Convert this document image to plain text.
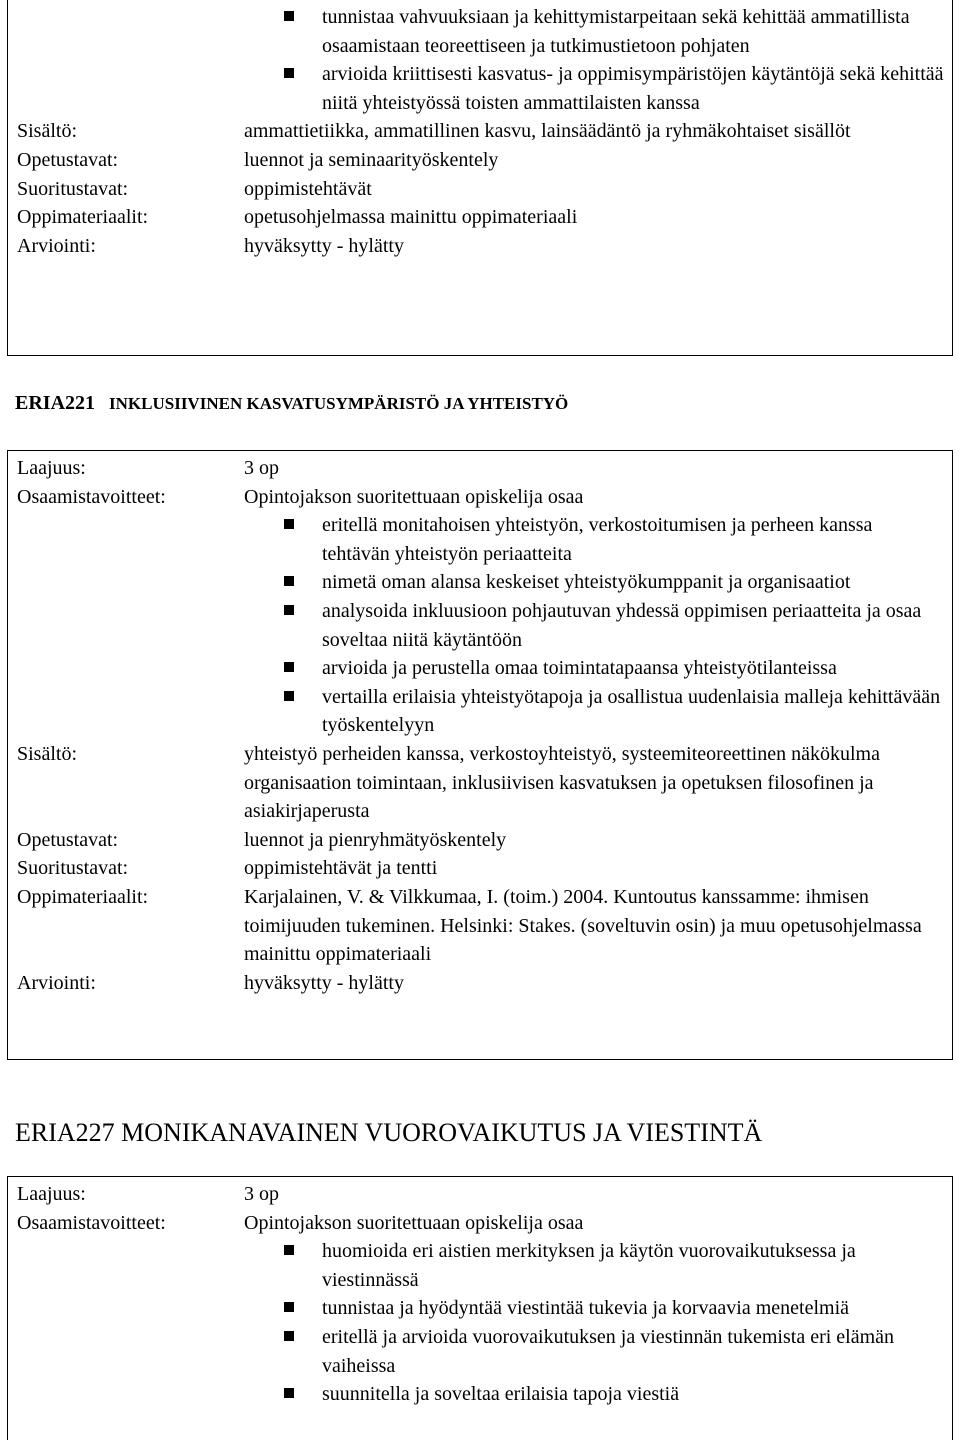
tunnistaa vahvuuksiaan ja kehittymistarpeitaan sekä kehittää ammatillista osaamistaan teoreettiseen ja tutkimustietoon pohjaten
arvioida kriittisesti kasvatus- ja oppimisympäristöjen käytäntöjä sekä kehittää niitä yhteistyössä toisten ammattilaisten kanssa
Sisältö:	ammattietiikka, ammatillinen kasvu, lainsäädäntö ja ryhmäkohtaiset sisällöt
Opetustavat:	luennot ja seminaarityöskentely
Suoritustavat:	oppimistehtävät
Oppimateriaalit:	opetusohjelmassa mainittu oppimateriaali
Arviointi:	hyväksytty - hylätty
ERIA221 INKLUSIIVINEN KASVATUSYMPÄRISTÖ JA YHTEISTYÖ
Laajuus:	3 op
Osaamistavoitteet:	Opintojakson suoritettuaan opiskelija osaa
eritellä monitahoisen yhteistyön, verkostoitumisen ja perheen kanssa tehtävän yhteistyön periaatteita
nimetä oman alansa keskeiset yhteistyökumppanit ja organisaatiot
analysoida inkluusioon pohjautuvan yhdessä oppimisen periaatteita ja osaa soveltaa niitä käytäntöön
arvioida ja perustella omaa toimintatapaansa yhteistyötilanteissa
vertailla erilaisia yhteistyötapoja ja osallistua uudenlaisia malleja kehittävään työskentelyyn
Sisältö:	yhteistyö perheiden kanssa, verkostoyhteistyö, systeemiteoreettinen näkökulma organisaation toimintaan, inklusiivisen kasvatuksen ja opetuksen filosofinen ja asiakirjaperusta
Opetustavat:	luennot ja pienryhmätyöskentely
Suoritustavat:	oppimistehtävät ja tentti
Oppimateriaalit:	Karjalainen, V. & Vilkkumaa, I. (toim.) 2004. Kuntoutus kanssamme: ihmisen toimijuuden tukeminen. Helsinki: Stakes. (soveltuvin osin) ja muu opetusohjelmassa mainittu oppimateriaali
Arviointi:	hyväksytty - hylätty
ERIA227 MONIKANAVAINEN VUOROVAIKUTUS JA VIESTINTÄ
Laajuus:	3 op
Osaamistavoitteet:	Opintojakson suoritettuaan opiskelija osaa
huomioida eri aistien merkityksen ja käytön vuorovaikutuksessa ja viestinnässä
tunnistaa ja hyödyntää viestintää tukevia ja korvaavia menetelmiä
eritellä ja arvioida vuorovaikutuksen ja viestinnän tukemista eri elämän vaiheissa
suunnitella ja soveltaa erilaisia tapoja viestiä
